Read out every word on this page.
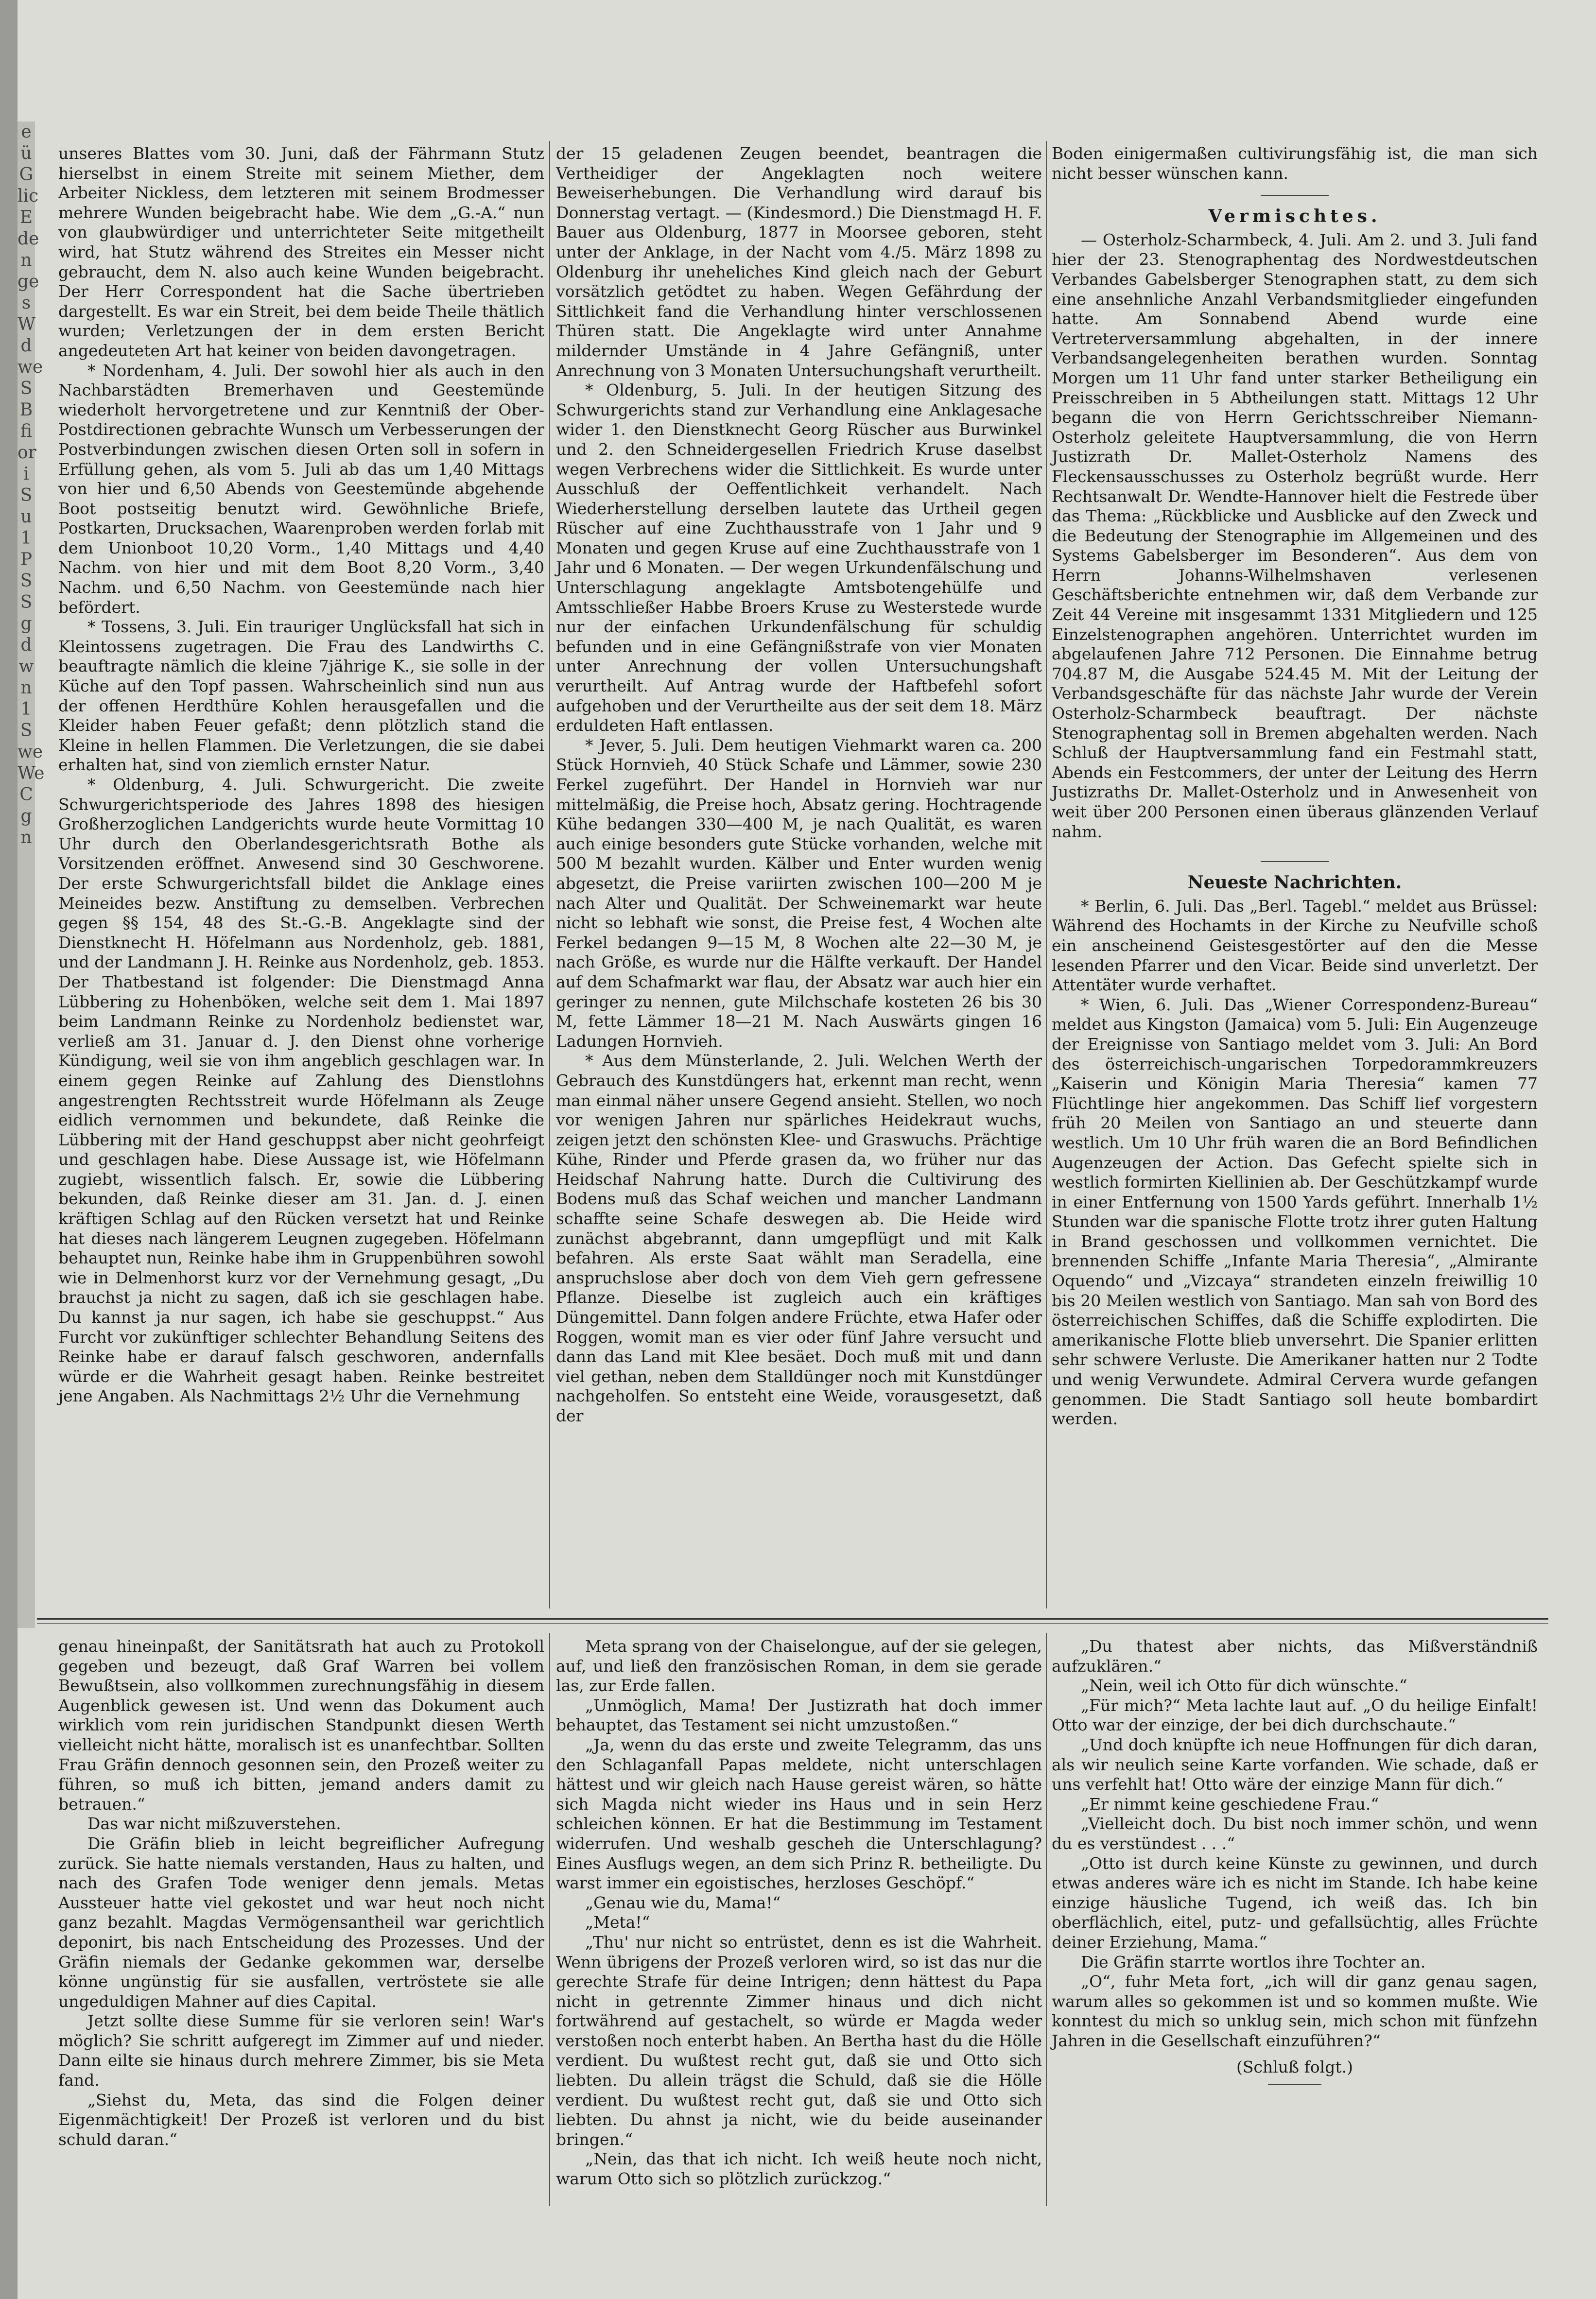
e
ü
G
lic
E
de
n
ge
s
W
d
we
S
B
fi
or
i
S
u
1
P
S
S
g
d
w
n
1
S
we
We
C
g
n

unseres Blattes vom 30. Juni, daß der Fährmann Stutz hierselbst in einem Streite mit seinem Miether, dem Arbeiter Nickless, dem letzteren mit seinem Brodmesser mehrere Wunden beigebracht habe. Wie dem „G.-A.“ nun von glaubwürdiger und unterrichteter Seite mitgetheilt wird, hat Stutz während des Streites ein Messer nicht gebraucht, dem N. also auch keine Wunden beigebracht. Der Herr Correspondent hat die Sache übertrieben dargestellt. Es war ein Streit, bei dem beide Theile thätlich wurden; Verletzungen der in dem ersten Bericht angedeuteten Art hat keiner von beiden davongetragen.

* Nordenham, 4. Juli. Der sowohl hier als auch in den Nachbarstädten Bremerhaven und Geestemünde wiederholt hervorgetretene und zur Kenntniß der Ober-Postdirectionen gebrachte Wunsch um Verbesserungen der Postverbindungen zwischen diesen Orten soll in sofern in Erfüllung gehen, als vom 5. Juli ab das um 1,40 Mittags von hier und 6,50 Abends von Geestemünde abgehende Boot postseitig benutzt wird. Gewöhnliche Briefe, Postkarten, Drucksachen, Waarenproben werden forlab mit dem Unionboot 10,20 Vorm., 1,40 Mittags und 4,40 Nachm. von hier und mit dem Boot 8,20 Vorm., 3,40 Nachm. und 6,50 Nachm. von Geestemünde nach hier befördert.

* Tossens, 3. Juli. Ein trauriger Unglücksfall hat sich in Kleintossens zugetragen. Die Frau des Landwirths C. beauftragte nämlich die kleine 7jährige K., sie solle in der Küche auf den Topf passen. Wahrscheinlich sind nun aus der offenen Herdthüre Kohlen herausgefallen und die Kleider haben Feuer gefaßt; denn plötzlich stand die Kleine in hellen Flammen. Die Verletzungen, die sie dabei erhalten hat, sind von ziemlich ernster Natur.

* Oldenburg, 4. Juli. Schwurgericht. Die zweite Schwurgerichtsperiode des Jahres 1898 des hiesigen Großherzoglichen Landgerichts wurde heute Vormittag 10 Uhr durch den Oberlandesgerichtsrath Bothe als Vorsitzenden eröffnet. Anwesend sind 30 Geschworene. Der erste Schwurgerichtsfall bildet die Anklage eines Meineides bezw. Anstiftung zu demselben. Verbrechen gegen §§ 154, 48 des St.-G.-B. Angeklagte sind der Dienstknecht H. Höfelmann aus Nordenholz, geb. 1881, und der Landmann J. H. Reinke aus Nordenholz, geb. 1853. Der Thatbestand ist folgender: Die Dienstmagd Anna Lübbering zu Hohenböken, welche seit dem 1. Mai 1897 beim Landmann Reinke zu Nordenholz bedienstet war, verließ am 31. Januar d. J. den Dienst ohne vorherige Kündigung, weil sie von ihm angeblich geschlagen war. In einem gegen Reinke auf Zahlung des Dienstlohns angestrengten Rechtsstreit wurde Höfelmann als Zeuge eidlich vernommen und bekundete, daß Reinke die Lübbering mit der Hand geschuppst aber nicht geohrfeigt und geschlagen habe. Diese Aussage ist, wie Höfelmann zugiebt, wissentlich falsch. Er, sowie die Lübbering bekunden, daß Reinke dieser am 31. Jan. d. J. einen kräftigen Schlag auf den Rücken versetzt hat und Reinke hat dieses nach längerem Leugnen zugegeben. Höfelmann behauptet nun, Reinke habe ihm in Gruppenbühren sowohl wie in Delmenhorst kurz vor der Vernehmung gesagt, „Du brauchst ja nicht zu sagen, daß ich sie geschlagen habe. Du kannst ja nur sagen, ich habe sie geschuppst.“ Aus Furcht vor zukünftiger schlechter Behandlung Seitens des Reinke habe er darauf falsch geschworen, andernfalls würde er die Wahrheit gesagt haben. Reinke bestreitet jene Angaben. Als Nachmittags 2½ Uhr die Vernehmung

der 15 geladenen Zeugen beendet, beantragen die Vertheidiger der Angeklagten noch weitere Beweiserhebungen. Die Verhandlung wird darauf bis Donnerstag vertagt. — (Kindesmord.) Die Dienstmagd H. F. Bauer aus Oldenburg, 1877 in Moorsee geboren, steht unter der Anklage, in der Nacht vom 4./5. März 1898 zu Oldenburg ihr uneheliches Kind gleich nach der Geburt vorsätzlich getödtet zu haben. Wegen Gefährdung der Sittlichkeit fand die Verhandlung hinter verschlossenen Thüren statt. Die Angeklagte wird unter Annahme mildernder Umstände in 4 Jahre Gefängniß, unter Anrechnung von 3 Monaten Untersuchungshaft verurtheilt.

* Oldenburg, 5. Juli. In der heutigen Sitzung des Schwurgerichts stand zur Verhandlung eine Anklagesache wider 1. den Dienstknecht Georg Rüscher aus Burwinkel und 2. den Schneidergesellen Friedrich Kruse daselbst wegen Verbrechens wider die Sittlichkeit. Es wurde unter Ausschluß der Oeffentlichkeit verhandelt. Nach Wiederherstellung derselben lautete das Urtheil gegen Rüscher auf eine Zuchthausstrafe von 1 Jahr und 9 Monaten und gegen Kruse auf eine Zuchthausstrafe von 1 Jahr und 6 Monaten. — Der wegen Urkundenfälschung und Unterschlagung angeklagte Amtsbotengehülfe und Amtsschließer Habbe Broers Kruse zu Westerstede wurde nur der einfachen Urkundenfälschung für schuldig befunden und in eine Gefängnißstrafe von vier Monaten unter Anrechnung der vollen Untersuchungshaft verurtheilt. Auf Antrag wurde der Haftbefehl sofort aufgehoben und der Verurtheilte aus der seit dem 18. März erduldeten Haft entlassen.

* Jever, 5. Juli. Dem heutigen Viehmarkt waren ca. 200 Stück Hornvieh, 40 Stück Schafe und Lämmer, sowie 230 Ferkel zugeführt. Der Handel in Hornvieh war nur mittelmäßig, die Preise hoch, Absatz gering. Hochtragende Kühe bedangen 330—400 M, je nach Qualität, es waren auch einige besonders gute Stücke vorhanden, welche mit 500 M bezahlt wurden. Kälber und Enter wurden wenig abgesetzt, die Preise variirten zwischen 100—200 M je nach Alter und Qualität. Der Schweinemarkt war heute nicht so lebhaft wie sonst, die Preise fest, 4 Wochen alte Ferkel bedangen 9—15 M, 8 Wochen alte 22—30 M, je nach Größe, es wurde nur die Hälfte verkauft. Der Handel auf dem Schafmarkt war flau, der Absatz war auch hier ein geringer zu nennen, gute Milchschafe kosteten 26 bis 30 M, fette Lämmer 18—21 M. Nach Auswärts gingen 16 Ladungen Hornvieh.

* Aus dem Münsterlande, 2. Juli. Welchen Werth der Gebrauch des Kunstdüngers hat, erkennt man recht, wenn man einmal näher unsere Gegend ansieht. Stellen, wo noch vor wenigen Jahren nur spärliches Heidekraut wuchs, zeigen jetzt den schönsten Klee- und Graswuchs. Prächtige Kühe, Rinder und Pferde grasen da, wo früher nur das Heidschaf Nahrung hatte. Durch die Cultivirung des Bodens muß das Schaf weichen und mancher Landmann schaffte seine Schafe deswegen ab. Die Heide wird zunächst abgebrannt, dann umgepflügt und mit Kalk befahren. Als erste Saat wählt man Seradella, eine anspruchslose aber doch von dem Vieh gern gefressene Pflanze. Dieselbe ist zugleich auch ein kräftiges Düngemittel. Dann folgen andere Früchte, etwa Hafer oder Roggen, womit man es vier oder fünf Jahre versucht und dann das Land mit Klee besäet. Doch muß mit und dann viel gethan, neben dem Stalldünger noch mit Kunstdünger nachgeholfen. So entsteht eine Weide, vorausgesetzt, daß der

Boden einigermaßen cultivirungsfähig ist, die man sich nicht besser wünschen kann.

Vermischtes.

— Osterholz-Scharmbeck, 4. Juli. Am 2. und 3. Juli fand hier der 23. Stenographentag des Nordwestdeutschen Verbandes Gabelsberger Stenographen statt, zu dem sich eine ansehnliche Anzahl Verbandsmitglieder eingefunden hatte. Am Sonnabend Abend wurde eine Vertreterversammlung abgehalten, in der innere Verbandsangelegenheiten berathen wurden. Sonntag Morgen um 11 Uhr fand unter starker Betheiligung ein Preisschreiben in 5 Abtheilungen statt. Mittags 12 Uhr begann die von Herrn Gerichtsschreiber Niemann-Osterholz geleitete Hauptversammlung, die von Herrn Justizrath Dr. Mallet-Osterholz Namens des Fleckensausschusses zu Osterholz begrüßt wurde. Herr Rechtsanwalt Dr. Wendte-Hannover hielt die Festrede über das Thema: „Rückblicke und Ausblicke auf den Zweck und die Bedeutung der Stenographie im Allgemeinen und des Systems Gabelsberger im Besonderen“. Aus dem von Herrn Johanns-Wilhelmshaven verlesenen Geschäftsberichte entnehmen wir, daß dem Verbande zur Zeit 44 Vereine mit insgesammt 1331 Mitgliedern und 125 Einzelstenographen angehören. Unterrichtet wurden im abgelaufenen Jahre 712 Personen. Die Einnahme betrug 704.87 M, die Ausgabe 524.45 M. Mit der Leitung der Verbandsgeschäfte für das nächste Jahr wurde der Verein Osterholz-Scharmbeck beauftragt. Der nächste Stenographentag soll in Bremen abgehalten werden. Nach Schluß der Hauptversammlung fand ein Festmahl statt, Abends ein Festcommers, der unter der Leitung des Herrn Justizraths Dr. Mallet-Osterholz und in Anwesenheit von weit über 200 Personen einen überaus glänzenden Verlauf nahm.

Neueste Nachrichten.

* Berlin, 6. Juli. Das „Berl. Tagebl.“ meldet aus Brüssel: Während des Hochamts in der Kirche zu Neufville schoß ein anscheinend Geistesgestörter auf den die Messe lesenden Pfarrer und den Vicar. Beide sind unverletzt. Der Attentäter wurde verhaftet.

* Wien, 6. Juli. Das „Wiener Correspondenz-Bureau“ meldet aus Kingston (Jamaica) vom 5. Juli: Ein Augenzeuge der Ereignisse von Santiago meldet vom 3. Juli: An Bord des österreichisch-ungarischen Torpedorammkreuzers „Kaiserin und Königin Maria Theresia“ kamen 77 Flüchtlinge hier angekommen. Das Schiff lief vorgestern früh 20 Meilen von Santiago an und steuerte dann westlich. Um 10 Uhr früh waren die an Bord Befindlichen Augenzeugen der Action. Das Gefecht spielte sich in westlich formirten Kiellinien ab. Der Geschützkampf wurde in einer Entfernung von 1500 Yards geführt. Innerhalb 1½ Stunden war die spanische Flotte trotz ihrer guten Haltung in Brand geschossen und vollkommen vernichtet. Die brennenden Schiffe „Infante Maria Theresia“, „Almirante Oquendo“ und „Vizcaya“ strandeten einzeln freiwillig 10 bis 20 Meilen westlich von Santiago. Man sah von Bord des österreichischen Schiffes, daß die Schiffe explodirten. Die amerikanische Flotte blieb unversehrt. Die Spanier erlitten sehr schwere Verluste. Die Amerikaner hatten nur 2 Todte und wenig Verwundete. Admiral Cervera wurde gefangen genommen. Die Stadt Santiago soll heute bombardirt werden.

genau hineinpaßt, der Sanitätsrath hat auch zu Protokoll gegeben und bezeugt, daß Graf Warren bei vollem Bewußtsein, also vollkommen zurechnungsfähig in diesem Augenblick gewesen ist. Und wenn das Dokument auch wirklich vom rein juridischen Standpunkt diesen Werth vielleicht nicht hätte, moralisch ist es unanfechtbar. Sollten Frau Gräfin dennoch gesonnen sein, den Prozeß weiter zu führen, so muß ich bitten, jemand anders damit zu betrauen.“

Das war nicht mißzuverstehen.

Die Gräfin blieb in leicht begreiflicher Aufregung zurück. Sie hatte niemals verstanden, Haus zu halten, und nach des Grafen Tode weniger denn jemals. Metas Aussteuer hatte viel gekostet und war heut noch nicht ganz bezahlt. Magdas Vermögensantheil war gerichtlich deponirt, bis nach Entscheidung des Prozesses. Und der Gräfin niemals der Gedanke gekommen war, derselbe könne ungünstig für sie ausfallen, vertröstete sie alle ungeduldigen Mahner auf dies Capital.

Jetzt sollte diese Summe für sie verloren sein! War's möglich? Sie schritt aufgeregt im Zimmer auf und nieder. Dann eilte sie hinaus durch mehrere Zimmer, bis sie Meta fand.

„Siehst du, Meta, das sind die Folgen deiner Eigenmächtigkeit! Der Prozeß ist verloren und du bist schuld daran.“

Meta sprang von der Chaiselongue, auf der sie gelegen, auf, und ließ den französischen Roman, in dem sie gerade las, zur Erde fallen.

„Unmöglich, Mama! Der Justizrath hat doch immer behauptet, das Testament sei nicht umzustoßen.“

„Ja, wenn du das erste und zweite Telegramm, das uns den Schlaganfall Papas meldete, nicht unterschlagen hättest und wir gleich nach Hause gereist wären, so hätte sich Magda nicht wieder ins Haus und in sein Herz schleichen können. Er hat die Bestimmung im Testament widerrufen. Und weshalb gescheh die Unterschlagung? Eines Ausflugs wegen, an dem sich Prinz R. betheiligte. Du warst immer ein egoistisches, herzloses Geschöpf.“

„Genau wie du, Mama!“

„Meta!“

„Thu' nur nicht so entrüstet, denn es ist die Wahrheit. Wenn übrigens der Prozeß verloren wird, so ist das nur die gerechte Strafe für deine Intrigen; denn hättest du Papa nicht in getrennte Zimmer hinaus und dich nicht fortwährend auf gestachelt, so würde er Magda weder verstoßen noch enterbt haben. An Bertha hast du die Hölle verdient. Du wußtest recht gut, daß sie und Otto sich liebten. Du allein trägst die Schuld, daß sie die Hölle verdient. Du wußtest recht gut, daß sie und Otto sich liebten. Du ahnst ja nicht, wie du beide auseinander bringen.“

„Nein, das that ich nicht. Ich weiß heute noch nicht, warum Otto sich so plötzlich zurückzog.“

„Du thatest aber nichts, das Mißverständniß aufzuklären.“

„Nein, weil ich Otto für dich wünschte.“

„Für mich?“ Meta lachte laut auf. „O du heilige Einfalt! Otto war der einzige, der bei dich durchschaute.“

„Und doch knüpfte ich neue Hoffnungen für dich daran, als wir neulich seine Karte vorfanden. Wie schade, daß er uns verfehlt hat! Otto wäre der einzige Mann für dich.“

„Er nimmt keine geschiedene Frau.“

„Vielleicht doch. Du bist noch immer schön, und wenn du es verstündest . . .“

„Otto ist durch keine Künste zu gewinnen, und durch etwas anderes wäre ich es nicht im Stande. Ich habe keine einzige häusliche Tugend, ich weiß das. Ich bin oberflächlich, eitel, putz- und gefallsüchtig, alles Früchte deiner Erziehung, Mama.“

Die Gräfin starrte wortlos ihre Tochter an.

„O“, fuhr Meta fort, „ich will dir ganz genau sagen, warum alles so gekommen ist und so kommen mußte. Wie konntest du mich so unklug sein, mich schon mit fünfzehn Jahren in die Gesellschaft einzuführen?“

(Schluß folgt.)
